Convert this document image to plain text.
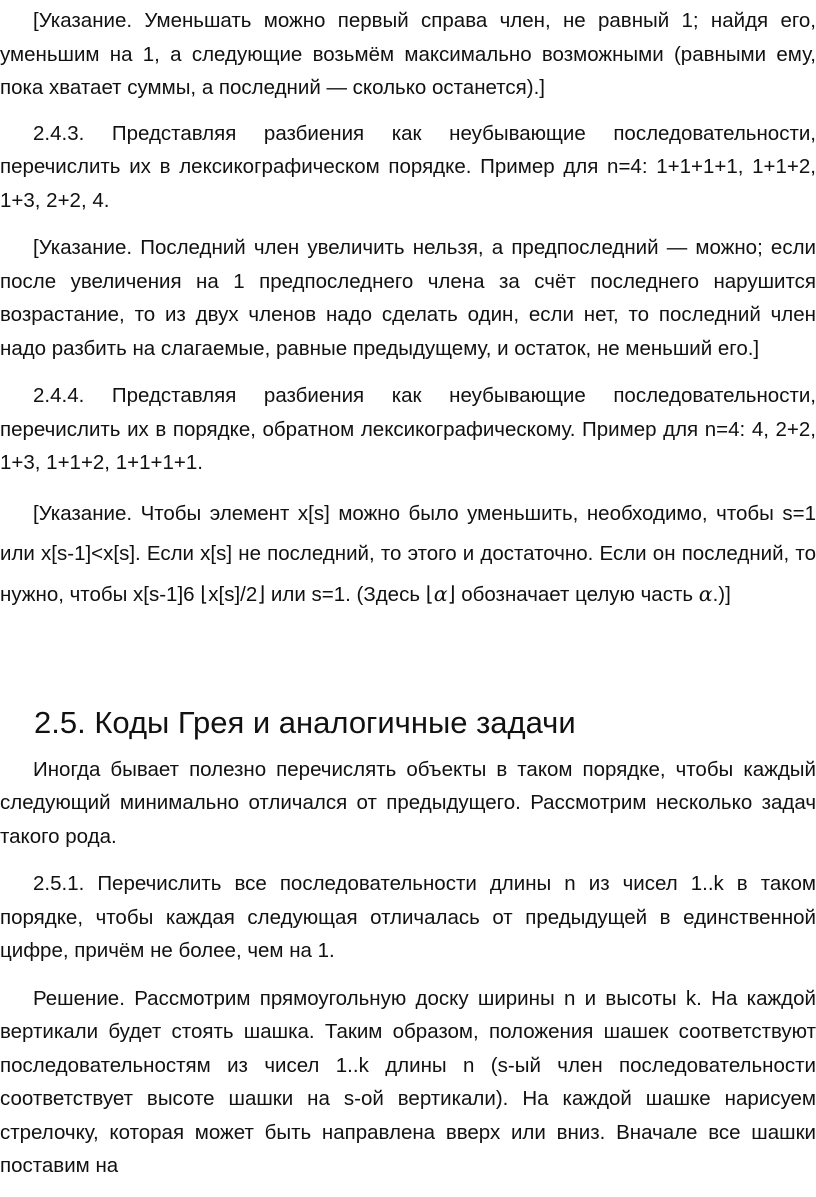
[Указание. Уменьшать можно первый справа член, не равный 1; найдя его, уменьшим на 1, а следующие возьмём максимально возможными (равными ему, пока хватает суммы, а последний — сколько останется).]

2.4.3. Представляя разбиения как неубывающие последовательности, перечислить их в лексикографическом порядке. Пример для n=4: 1+1+1+1, 1+1+2, 1+3, 2+2, 4.

[Указание. Последний член увеличить нельзя, а предпоследний — можно; если после увеличения на 1 предпоследнего члена за счёт последнего нарушится возрастание, то из двух членов надо сделать один, если нет, то последний член надо разбить на слагаемые, равные предыдущему, и остаток, не меньший его.]

2.4.4. Представляя разбиения как неубывающие последовательности, перечислить их в порядке, обратном лексикографическому. Пример для n=4: 4, 2+2, 1+3, 1+1+2, 1+1+1+1.

[Указание. Чтобы элемент x[s] можно было уменьшить, необходимо, чтобы s=1 или x[s-1]<x[s]. Если x[s] не последний, то этого и достаточно. Если он последний, то нужно, чтобы x[s-1]6 ⌊x[s]/2⌋ или s=1. (Здесь ⌊α⌋ обозначает целую часть α.)]

2.5. Коды Грея и аналогичные задачи

Иногда бывает полезно перечислять объекты в таком порядке, чтобы каждый следующий минимально отличался от предыдущего. Рассмотрим несколько задач такого рода.

2.5.1. Перечислить все последовательности длины n из чисел 1..k в таком порядке, чтобы каждая следующая отличалась от предыдущей в единственной цифре, причём не более, чем на 1.

Решение. Рассмотрим прямоугольную доску ширины n и высоты k. На каждой вертикали будет стоять шашка. Таким образом, положения шашек соответствуют последовательностям из чисел 1..k длины n (s-ый член последовательности соответствует высоте шашки на s-ой вертикали). На каждой шашке нарисуем стрелочку, которая может быть направлена вверх или вниз. Вначале все шашки поставим на
